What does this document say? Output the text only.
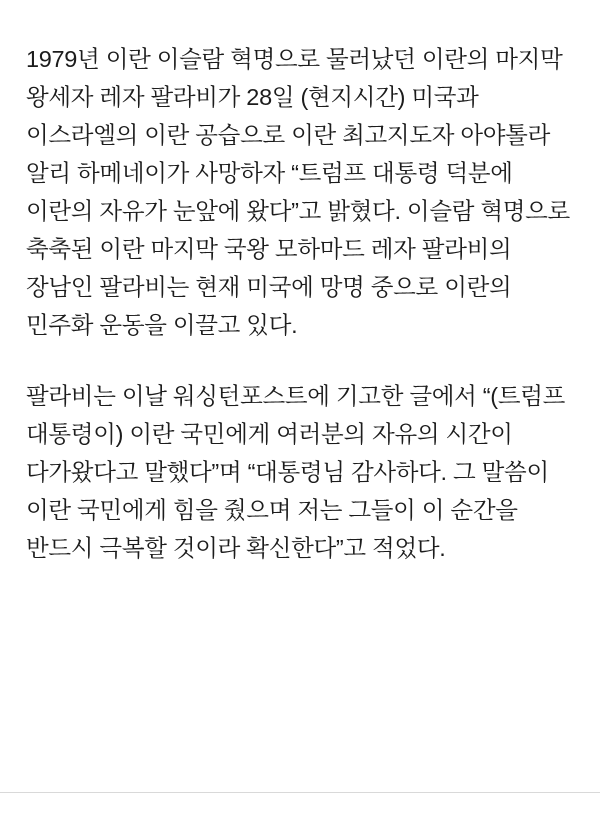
1979년 이란 이슬람 혁명으로 물러났던 이란의 마지막 왕세자 레자 팔라비가 28일 (현지시간) 미국과 이스라엘의 이란 공습으로 이란 최고지도자 아야톨라 알리 하메네이가 사망하자 “트럼프 대통령 덕분에 이란의 자유가 눈앞에 왔다”고 밝혔다. 이슬람 혁명으로 축축된 이란 마지막 국왕 모하마드 레자 팔라비의 장남인 팔라비는 현재 미국에 망명 중으로 이란의 민주화 운동을 이끌고 있다.

팔라비는 이날 워싱턴포스트에 기고한 글에서 “(트럼프 대통령이) 이란 국민에게 여러분의 자유의 시간이 다가왔다고 말했다”며 “대통령님 감사하다. 그 말씀이 이란 국민에게 힘을 줬으며 저는 그들이 이 순간을 반드시 극복할 것이라 확신한다”고 적었다.
